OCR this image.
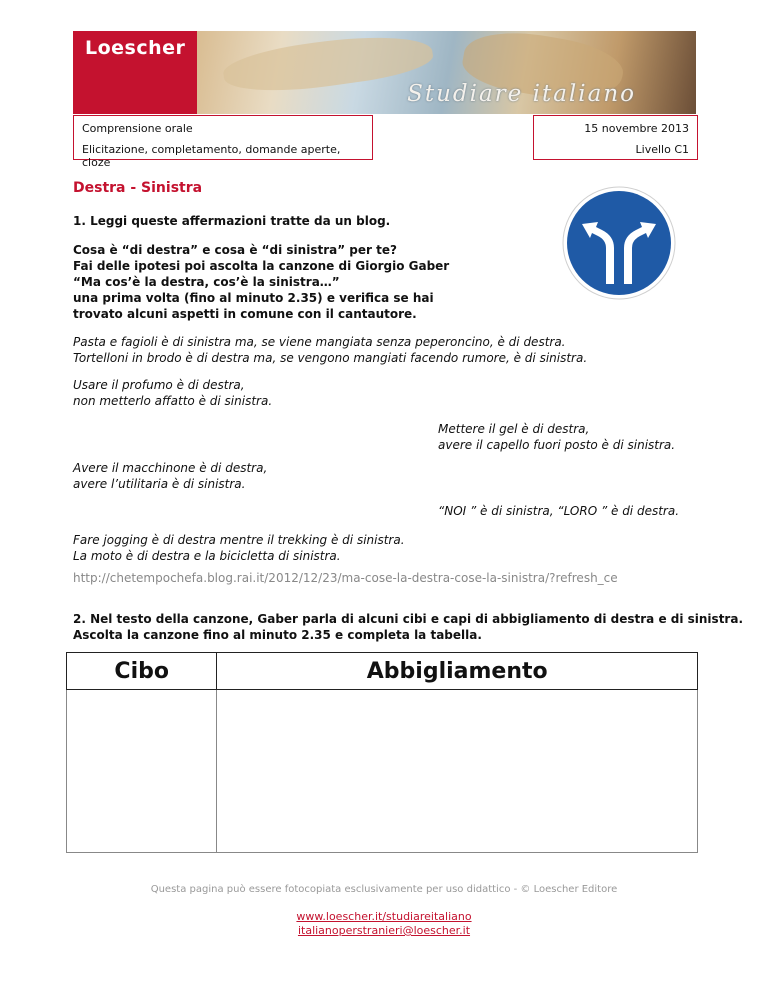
Loescher
Studiare italiano
Comprensione orale
Elicitazione, completamento, domande aperte, cloze
15 novembre 2013
Livello C1
Destra - Sinistra
1. Leggi queste affermazioni tratte da un blog.
Cosa è “di destra” e cosa è “di sinistra” per te?
Fai delle ipotesi poi ascolta la canzone di Giorgio Gaber
“Ma cos’è la destra, cos’è la sinistra…”
una prima volta (fino al minuto 2.35) e verifica se hai
trovato alcuni aspetti in comune con il cantautore.
Pasta e fagioli è di sinistra ma, se viene mangiata senza peperoncino, è di destra.
Tortelloni in brodo è di destra ma, se vengono mangiati facendo rumore, è di sinistra.
Usare il profumo è di destra,
non metterlo affatto è di sinistra.
Mettere il gel è di destra,
avere il capello fuori posto è di sinistra.
Avere il macchinone è di destra,
avere l’utilitaria è di sinistra.
“NOI ” è di sinistra, “LORO ” è di destra.
Fare jogging è di destra mentre il trekking è di sinistra.
La moto è di destra e la bicicletta di sinistra.
http://chetempochefa.blog.rai.it/2012/12/23/ma-cose-la-destra-cose-la-sinistra/?refresh_ce
2. Nel testo della canzone, Gaber parla di alcuni cibi e capi di abbigliamento di destra e di sinistra.
Ascolta la canzone fino al minuto 2.35 e completa la tabella.
Cibo	Abbigliamento

Questa pagina può essere fotocopiata esclusivamente per uso didattico - © Loescher Editore
www.loescher.it/studiareitaliano
italianoperstranieri@loescher.it
